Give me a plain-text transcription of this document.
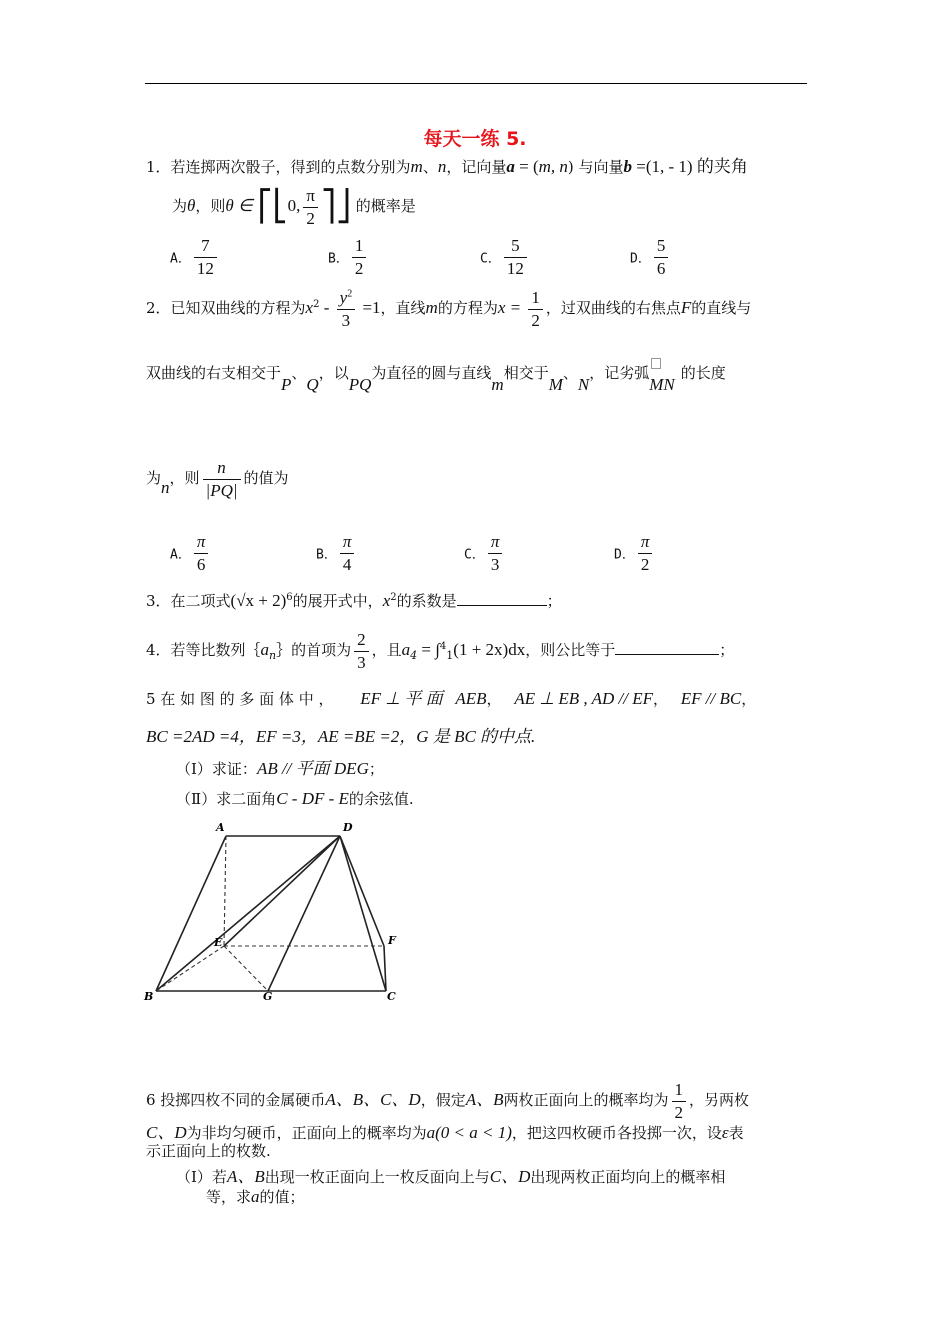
每天一练 5.
1．若连掷两次骰子，得到的点数分别为m、n，记向量a = (m, n) 与向量b =(1, - 1) 的夹角
为θ，则θ ∈ ⎡⎣0, $\frac{\pi}{2}$ ⎤⎦ 的概率是
A． $\frac{7}{12}$	B． $\frac{1}{2}$	C． $\frac{5}{12}$	D． $\frac{5}{6}$
2．已知双曲线的方程为$x^2 - \frac{y^2}{3} =1$，直线m的方程为$x = \frac{1}{2}$ ，过双曲线的右焦点F的直线与
双曲线的右支相交于P、Q，以PQ为直径的圆与直线m相交于M、N，记劣弧
MN的长度
为n，则 $\frac{n}{|PQ|}$ 的值为
A． $\frac{\pi}{6}$	B． $\frac{\pi}{4}$	C． $\frac{\pi}{3}$	D． $\frac{\pi}{2}$
3．在二项式$(√x + 2)^6$的展开式中，$x^2$的系数是	；
4．若等比数列$\{a_n\}$的首项为 $\frac{2}{3}$ ，且$a_4 = \int^4_1(1 + 2x)dx$，则公比等于	；
5 在 如 图 的 多 面 体 中 ， EF ⊥ 平 面 AEB， AE ⊥ EB , AD // EF， EF // BC，
BC =2AD =4，EF =3，AE =BE =2，G 是 BC 的中点.
（Ⅰ）求证：AB // 平面 DEG；
（Ⅱ）求二面角C - DF - E的余弦值.
A	D
E	F
B	G	C
6 投掷四枚不同的金属硬币A、B、C、D，假定A、B两枚正面向上的概率均为 $\frac{1}{2}$ ，另两枚
C、D为非均匀硬币，正面向上的概率均为a(0 < a < 1)，把这四枚硬币各投掷一次，设ε表
示正面向上的枚数.
（Ⅰ）若A、B出现一枚正面向上一枚反面向上与C、D出现两枚正面均向上的概率相
等，求a的值；
